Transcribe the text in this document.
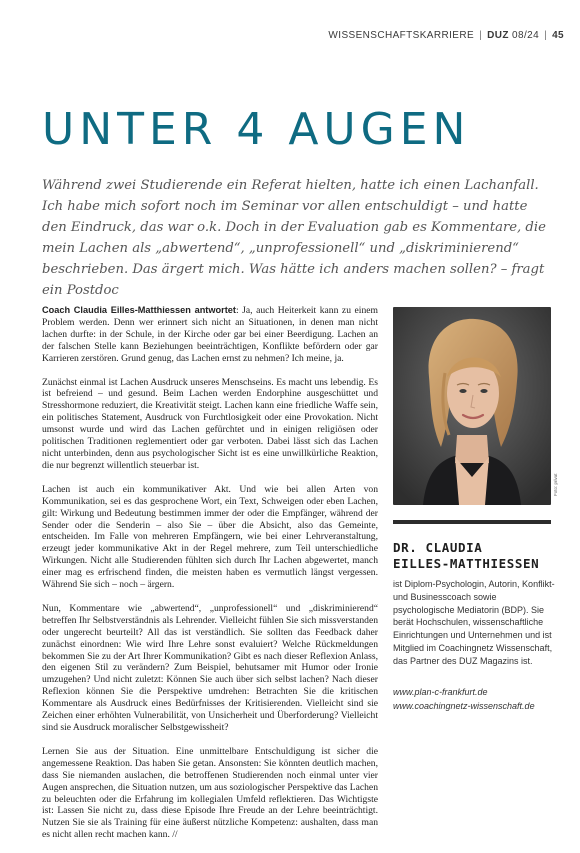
WISSENSCHAFTSKARRIERE | DUZ 08/24 | 45
UNTER 4 AUGEN

Während zwei Studierende ein Referat hielten, hatte ich einen Lachanfall. Ich habe mich sofort noch im Seminar vor allen entschuldigt – und hatte den Eindruck, das war o.k. Doch in der Evaluation gab es Kommentare, die mein Lachen als „abwertend“, „unprofessionell“ und „diskriminierend“ beschrieben. Das ärgert mich. Was hätte ich anders machen sollen? – fragt ein Postdoc

Coach Claudia Eilles-Matthiessen antwortet: Ja, auch Heiterkeit kann zu einem Problem werden. Denn wer erinnert sich nicht an Situationen, in denen man nicht lachen durfte: in der Schule, in der Kirche oder gar bei einer Beerdigung. Lachen an der falschen Stelle kann Beziehungen beeinträchtigen, Konflikte befördern oder gar Karrieren zerstören. Grund genug, das Lachen ernst zu nehmen? Ich meine, ja.

Zunächst einmal ist Lachen Ausdruck unseres Menschseins. Es macht uns lebendig. Es ist befreiend – und gesund. Beim Lachen werden Endorphine ausgeschüttet und Stresshormone reduziert, die Kreativität steigt. Lachen kann eine friedliche Waffe sein, ein politisches Statement, Ausdruck von Furchtlosigkeit oder eine Provokation. Nicht umsonst wurde und wird das Lachen gefürchtet und in einigen religiösen oder politischen Traditionen reglementiert oder gar verboten. Dabei lässt sich das Lachen nicht unterbinden, denn aus psychologischer Sicht ist es eine unwillkürliche Reaktion, die nur begrenzt willentlich steuerbar ist.

Lachen ist auch ein kommunikativer Akt. Und wie bei allen Arten von Kommunikation, sei es das gesprochene Wort, ein Text, Schweigen oder eben Lachen, gilt: Wirkung und Bedeutung bestimmen immer der oder die Empfänger, während der Sender oder die Senderin – also Sie – über die Absicht, also das Gemeinte, entscheiden. Im Falle von mehreren Empfängern, wie bei einer Lehrveranstaltung, erzeugt jeder kommunikative Akt in der Regel mehrere, zum Teil unterschiedliche Wirkungen. Nicht alle Studierenden fühlten sich durch Ihr Lachen abgewertet, manch einer mag es erfrischend finden, die meisten haben es vermutlich längst vergessen. Während Sie sich – noch – ärgern.

Nun, Kommentare wie „abwertend“, „unprofessionell“ und „diskriminierend“ betreffen Ihr Selbstverständnis als Lehrender. Vielleicht fühlen Sie sich missverstanden oder ungerecht beurteilt? All das ist verständlich. Sie sollten das Feedback daher zunächst einordnen: Wie wird Ihre Lehre sonst evaluiert? Welche Rückmeldungen bekommen Sie zu der Art Ihrer Kommunikation? Gibt es nach dieser Reflexion Anlass, den eigenen Stil zu verändern? Zum Beispiel, behutsamer mit Humor oder Ironie umzugehen? Und nicht zuletzt: Können Sie auch über sich selbst lachen? Nach dieser Reflexion können Sie die Perspektive umdrehen: Betrachten Sie die kritischen Kommentare als Ausdruck eines Bedürfnisses der Kritisierenden. Vielleicht sind sie Zeichen einer erhöhten Vulnerabilität, von Unsicherheit und Überforderung? Vielleicht sind sie Ausdruck moralischer Selbstgewissheit?

Lernen Sie aus der Situation. Eine unmittelbare Entschuldigung ist sicher die angemessene Reaktion. Das haben Sie getan. Ansonsten: Sie könnten deutlich machen, dass Sie niemanden auslachen, die betroffenen Studierenden noch einmal unter vier Augen ansprechen, die Situation nutzen, um aus soziologischer Perspektive das Lachen zu beleuchten oder die Erfahrung im kollegialen Umfeld reflektieren. Das Wichtigste ist: Lassen Sie nicht zu, dass diese Episode Ihre Freude an der Lehre beeinträchtigt. Nutzen Sie sie als Training für eine äußerst nützliche Kompetenz: aushalten, dass man es nicht allen recht machen kann. //

Foto: privat
DR. CLAUDIA
EILLES-MATTHIESSEN
ist Diplom-Psychologin, Autorin, Konflikt- und Businesscoach sowie psychologische Mediatorin (BDP). Sie berät Hochschulen, wissenschaftliche Einrichtungen und Unternehmen und ist Mitglied im Coachingnetz Wissenschaft, das Partner des DUZ Magazins ist.
www.plan-c-frankfurt.de
www.coachingnetz-wissenschaft.de
